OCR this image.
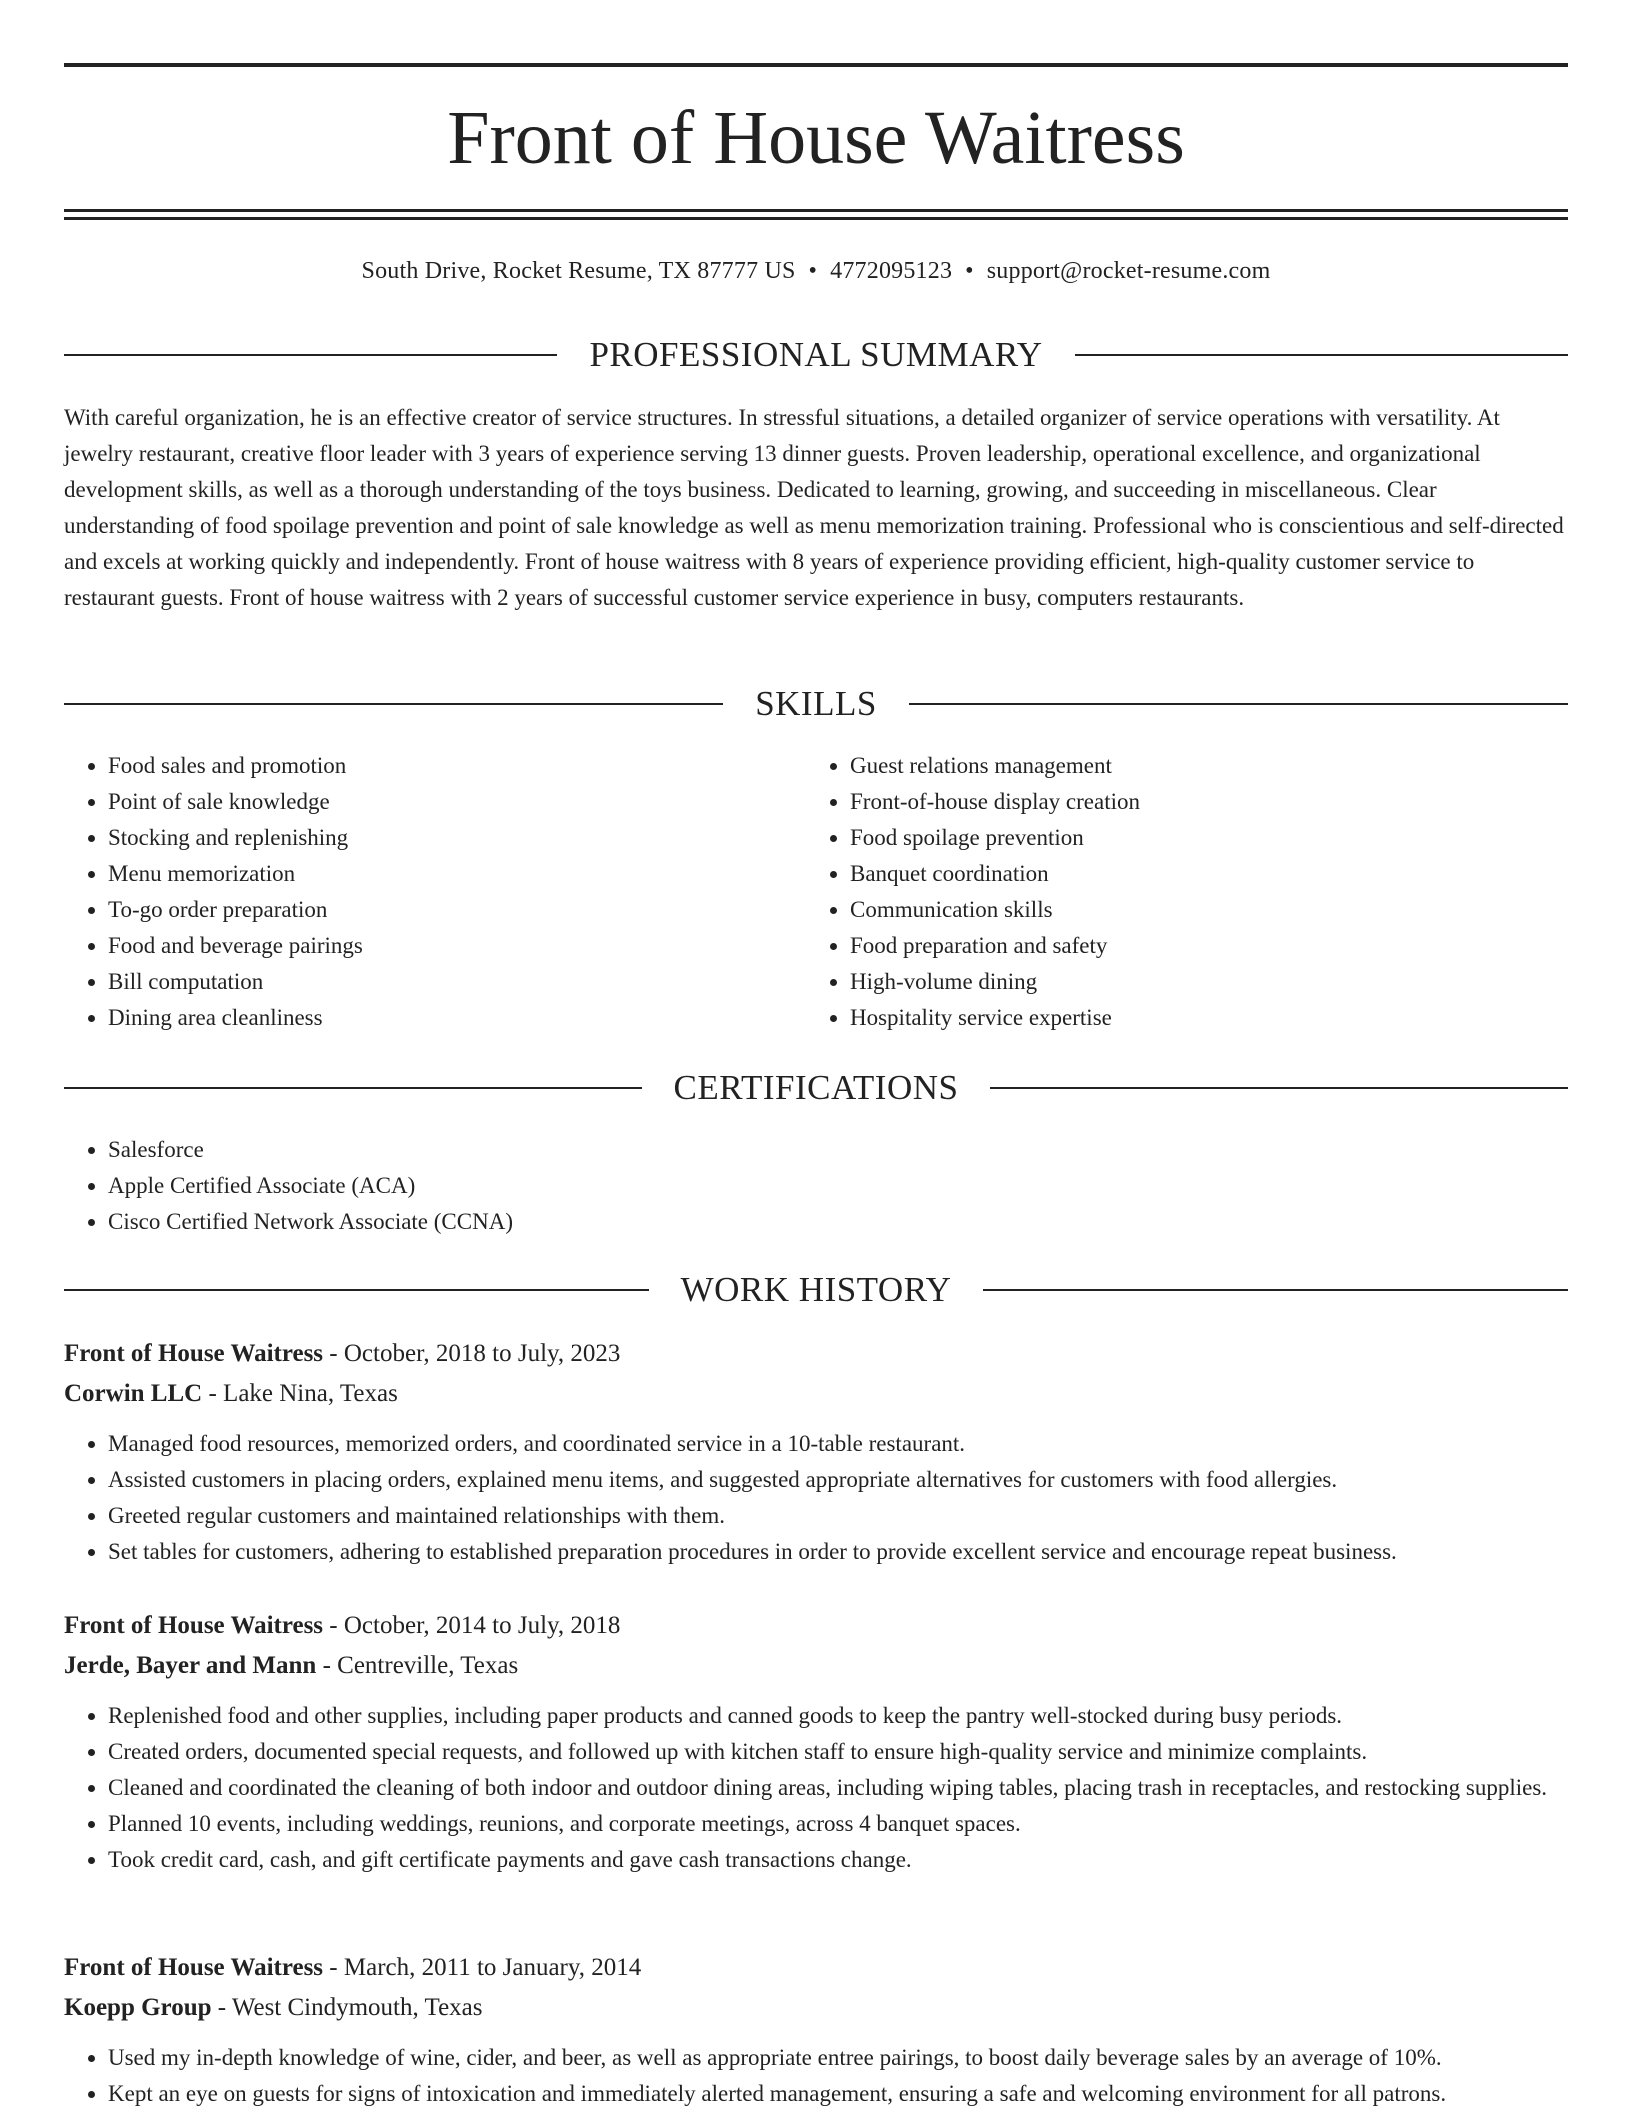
Front of House Waitress
South Drive, Rocket Resume, TX 87777 US • 4772095123 • support@rocket-resume.com
PROFESSIONAL SUMMARY

With careful organization, he is an effective creator of service structures. In stressful situations, a detailed organizer of service operations with versatility. At jewelry restaurant, creative floor leader with 3 years of experience serving 13 dinner guests. Proven leadership, operational excellence, and organizational development skills, as well as a thorough understanding of the toys business. Dedicated to learning, growing, and succeeding in miscellaneous. Clear understanding of food spoilage prevention and point of sale knowledge as well as menu memorization training. Professional who is conscientious and self-directed and excels at working quickly and independently. Front of house waitress with 8 years of experience providing efficient, high-quality customer service to restaurant guests. Front of house waitress with 2 years of successful customer service experience in busy, computers restaurants.

SKILLS
• Food sales and promotion
• Point of sale knowledge
• Stocking and replenishing
• Menu memorization
• To-go order preparation
• Food and beverage pairings
• Bill computation
• Dining area cleanliness
• Guest relations management
• Front-of-house display creation
• Food spoilage prevention
• Banquet coordination
• Communication skills
• Food preparation and safety
• High-volume dining
• Hospitality service expertise
CERTIFICATIONS
• Salesforce
• Apple Certified Associate (ACA)
• Cisco Certified Network Associate (CCNA)
WORK HISTORY
Front of House Waitress - October, 2018 to July, 2023
Corwin LLC - Lake Nina, Texas
• Managed food resources, memorized orders, and coordinated service in a 10-table restaurant.
• Assisted customers in placing orders, explained menu items, and suggested appropriate alternatives for customers with food allergies.
• Greeted regular customers and maintained relationships with them.
• Set tables for customers, adhering to established preparation procedures in order to provide excellent service and encourage repeat business.
Front of House Waitress - October, 2014 to July, 2018
Jerde, Bayer and Mann - Centreville, Texas
• Replenished food and other supplies, including paper products and canned goods to keep the pantry well-stocked during busy periods.
• Created orders, documented special requests, and followed up with kitchen staff to ensure high-quality service and minimize complaints.
• Cleaned and coordinated the cleaning of both indoor and outdoor dining areas, including wiping tables, placing trash in receptacles, and restocking supplies.
• Planned 10 events, including weddings, reunions, and corporate meetings, across 4 banquet spaces.
• Took credit card, cash, and gift certificate payments and gave cash transactions change.
Front of House Waitress - March, 2011 to January, 2014
Koepp Group - West Cindymouth, Texas
• Used my in-depth knowledge of wine, cider, and beer, as well as appropriate entree pairings, to boost daily beverage sales by an average of 10%.
• Kept an eye on guests for signs of intoxication and immediately alerted management, ensuring a safe and welcoming environment for all patrons.
